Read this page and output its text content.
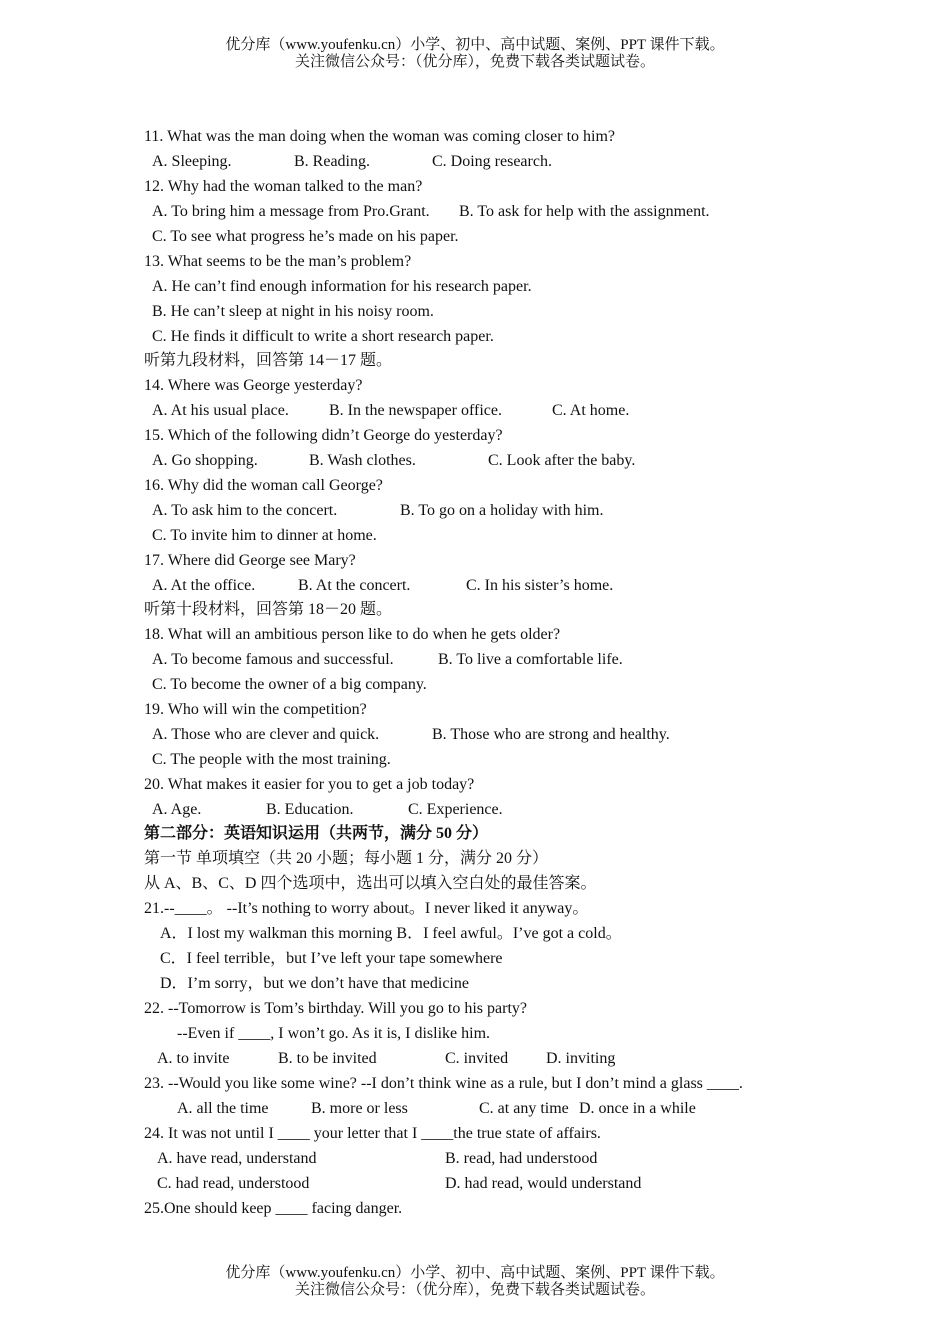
优分库（www.youfenku.cn）小学、初中、高中试题、案例、PPT 课件下载。
关注微信公众号：（优分库），免费下载各类试题试卷。
11. What was the man doing when the woman was coming closer to him?
A. Sleeping.	B. Reading.	C. Doing research.
12. Why had the woman talked to the man?
A. To bring him a message from Pro.Grant. B. To ask for help with the assignment.
C. To see what progress he’s made on his paper.
13. What seems to be the man’s problem?
A. He can’t find enough information for his research paper.
B. He can’t sleep at night in his noisy room.
C. He finds it difficult to write a short research paper.
听第九段材料，回答第 14－17 题。
14. Where was George yesterday?
A. At his usual place.	B. In the newspaper office.	C. At home.
15. Which of the following didn’t George do yesterday?
A. Go shopping.	B. Wash clothes.	C. Look after the baby.
16. Why did the woman call George?
A. To ask him to the concert.	B. To go on a holiday with him.
C. To invite him to dinner at home.
17. Where did George see Mary?
A. At the office.	B. At the concert.	C. In his sister’s home.
听第十段材料，回答第 18－20 题。
18. What will an ambitious person like to do when he gets older?
A. To become famous and successful.	B. To live a comfortable life.
C. To become the owner of a big company.
19. Who will win the competition?
A. Those who are clever and quick.	B. Those who are strong and healthy.
C. The people with the most training.
20. What makes it easier for you to get a job today?
A. Age.	B. Education.	C. Experience.
第二部分：英语知识运用（共两节，满分 50 分）
第一节 单项填空（共 20 小题；每小题 1 分，满分 20 分）
从 A、B、C、D 四个选项中，选出可以填入空白处的最佳答案。
21.--____。 --It’s nothing to worry about。I never liked it anyway。
A．I lost my walkman this morning B．I feel awful。I’ve got a cold。
C．I feel terrible，but I’ve left your tape somewhere
D．I’m sorry，but we don’t have that medicine
22. --Tomorrow is Tom’s birthday. Will you go to his party?
--Even if ____, I won’t go. As it is, I dislike him.
A. to invite	B. to be invited	C. invited D. inviting
23. --Would you like some wine? --I don’t think wine as a rule, but I don’t mind a glass ____.
A. all the time	B. more or less	C. at any time D. once in a while
24. It was not until I ____ your letter that I ____the true state of affairs.
A. have read, understand	B. read, had understood
C. had read, understood	D. had read, would understand
25.One should keep ____ facing danger.
优分库（www.youfenku.cn）小学、初中、高中试题、案例、PPT 课件下载。
关注微信公众号：（优分库），免费下载各类试题试卷。
